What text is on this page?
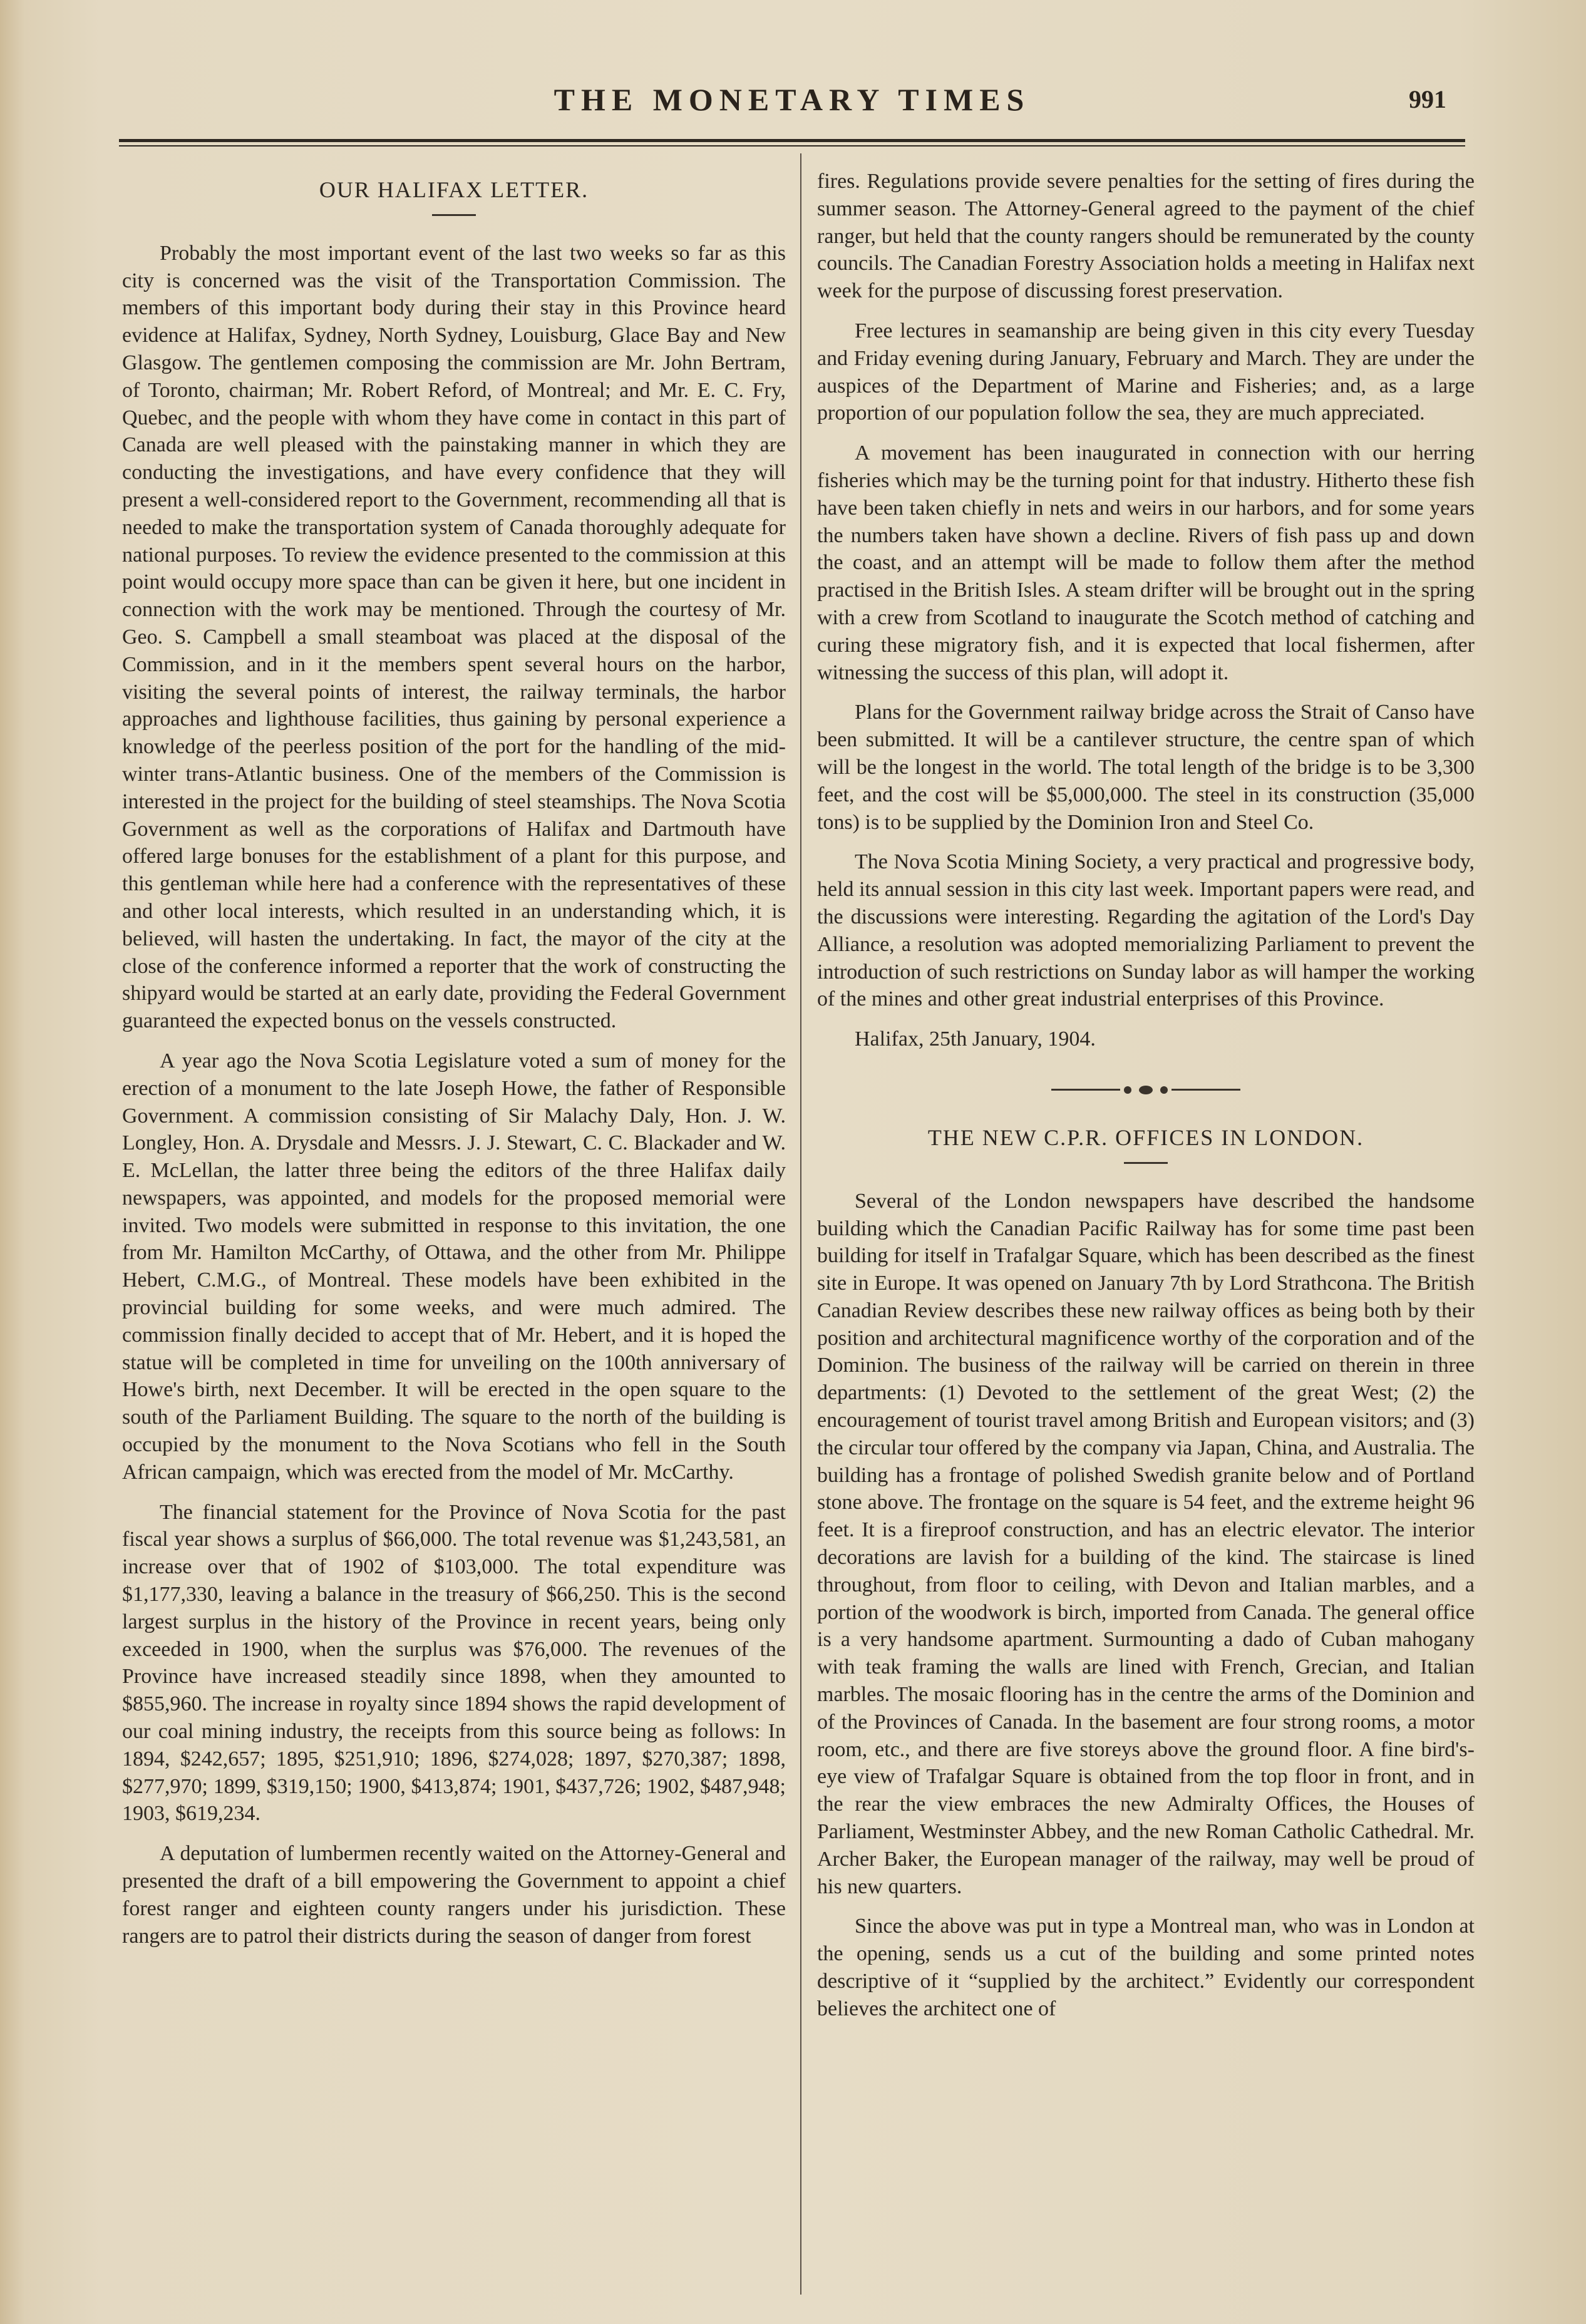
THE MONETARY TIMES	991
OUR HALIFAX LETTER.

Probably the most important event of the last two weeks so far as this city is concerned was the visit of the Transportation Commission. The members of this important body during their stay in this Province heard evidence at Halifax, Sydney, North Sydney, Louisburg, Glace Bay and New Glasgow. The gentlemen composing the commission are Mr. John Bertram, of Toronto, chairman; Mr. Robert Reford, of Montreal; and Mr. E. C. Fry, Quebec, and the people with whom they have come in contact in this part of Canada are well pleased with the painstaking manner in which they are conducting the investigations, and have every confidence that they will present a well-considered report to the Government, recommending all that is needed to make the transportation system of Canada thoroughly adequate for national purposes. To review the evidence presented to the commission at this point would occupy more space than can be given it here, but one incident in connection with the work may be mentioned. Through the courtesy of Mr. Geo. S. Campbell a small steamboat was placed at the disposal of the Commission, and in it the members spent several hours on the harbor, visiting the several points of interest, the railway terminals, the harbor approaches and lighthouse facilities, thus gaining by personal experience a knowledge of the peerless position of the port for the handling of the mid-winter trans-Atlantic business. One of the members of the Commission is interested in the project for the building of steel steamships. The Nova Scotia Government as well as the corporations of Halifax and Dartmouth have offered large bonuses for the establishment of a plant for this purpose, and this gentleman while here had a conference with the representatives of these and other local interests, which resulted in an understanding which, it is believed, will hasten the undertaking. In fact, the mayor of the city at the close of the conference informed a reporter that the work of constructing the shipyard would be started at an early date, providing the Federal Government guaranteed the expected bonus on the vessels constructed.

A year ago the Nova Scotia Legislature voted a sum of money for the erection of a monument to the late Joseph Howe, the father of Responsible Government. A commission consisting of Sir Malachy Daly, Hon. J. W. Longley, Hon. A. Drysdale and Messrs. J. J. Stewart, C. C. Blackader and W. E. McLellan, the latter three being the editors of the three Halifax daily newspapers, was appointed, and models for the proposed memorial were invited. Two models were submitted in response to this invitation, the one from Mr. Hamilton McCarthy, of Ottawa, and the other from Mr. Philippe Hebert, C.M.G., of Montreal. These models have been exhibited in the provincial building for some weeks, and were much admired. The commission finally decided to accept that of Mr. Hebert, and it is hoped the statue will be completed in time for unveiling on the 100th anniversary of Howe's birth, next December. It will be erected in the open square to the south of the Parliament Building. The square to the north of the building is occupied by the monument to the Nova Scotians who fell in the South African campaign, which was erected from the model of Mr. McCarthy.

The financial statement for the Province of Nova Scotia for the past fiscal year shows a surplus of $66,000. The total revenue was $1,243,581, an increase over that of 1902 of $103,000. The total expenditure was $1,177,330, leaving a balance in the treasury of $66,250. This is the second largest surplus in the history of the Province in recent years, being only exceeded in 1900, when the surplus was $76,000. The revenues of the Province have increased steadily since 1898, when they amounted to $855,960. The increase in royalty since 1894 shows the rapid development of our coal mining industry, the receipts from this source being as follows: In 1894, $242,657; 1895, $251,910; 1896, $274,028; 1897, $270,387; 1898, $277,970; 1899, $319,150; 1900, $413,874; 1901, $437,726; 1902, $487,948; 1903, $619,234.

A deputation of lumbermen recently waited on the Attorney-General and presented the draft of a bill empowering the Government to appoint a chief forest ranger and eighteen county rangers under his jurisdiction. These rangers are to patrol their districts during the season of danger from forest

fires. Regulations provide severe penalties for the setting of fires during the summer season. The Attorney-General agreed to the payment of the chief ranger, but held that the county rangers should be remunerated by the county councils. The Canadian Forestry Association holds a meeting in Halifax next week for the purpose of discussing forest preservation.

Free lectures in seamanship are being given in this city every Tuesday and Friday evening during January, February and March. They are under the auspices of the Department of Marine and Fisheries; and, as a large proportion of our population follow the sea, they are much appreciated.

A movement has been inaugurated in connection with our herring fisheries which may be the turning point for that industry. Hitherto these fish have been taken chiefly in nets and weirs in our harbors, and for some years the numbers taken have shown a decline. Rivers of fish pass up and down the coast, and an attempt will be made to follow them after the method practised in the British Isles. A steam drifter will be brought out in the spring with a crew from Scotland to inaugurate the Scotch method of catching and curing these migratory fish, and it is expected that local fishermen, after witnessing the success of this plan, will adopt it.

Plans for the Government railway bridge across the Strait of Canso have been submitted. It will be a cantilever structure, the centre span of which will be the longest in the world. The total length of the bridge is to be 3,300 feet, and the cost will be $5,000,000. The steel in its construction (35,000 tons) is to be supplied by the Dominion Iron and Steel Co.

The Nova Scotia Mining Society, a very practical and progressive body, held its annual session in this city last week. Important papers were read, and the discussions were interesting. Regarding the agitation of the Lord's Day Alliance, a resolution was adopted memorializing Parliament to prevent the introduction of such restrictions on Sunday labor as will hamper the working of the mines and other great industrial enterprises of this Province.

Halifax, 25th January, 1904.

THE NEW C.P.R. OFFICES IN LONDON.

Several of the London newspapers have described the handsome building which the Canadian Pacific Railway has for some time past been building for itself in Trafalgar Square, which has been described as the finest site in Europe. It was opened on January 7th by Lord Strathcona. The British Canadian Review describes these new railway offices as being both by their position and architectural magnificence worthy of the corporation and of the Dominion. The business of the railway will be carried on therein in three departments: (1) Devoted to the settlement of the great West; (2) the encouragement of tourist travel among British and European visitors; and (3) the circular tour offered by the company via Japan, China, and Australia. The building has a frontage of polished Swedish granite below and of Portland stone above. The frontage on the square is 54 feet, and the extreme height 96 feet. It is a fireproof construction, and has an electric elevator. The interior decorations are lavish for a building of the kind. The staircase is lined throughout, from floor to ceiling, with Devon and Italian marbles, and a portion of the woodwork is birch, imported from Canada. The general office is a very handsome apartment. Surmounting a dado of Cuban mahogany with teak framing the walls are lined with French, Grecian, and Italian marbles. The mosaic flooring has in the centre the arms of the Dominion and of the Provinces of Canada. In the basement are four strong rooms, a motor room, etc., and there are five storeys above the ground floor. A fine bird's-eye view of Trafalgar Square is obtained from the top floor in front, and in the rear the view embraces the new Admiralty Offices, the Houses of Parliament, Westminster Abbey, and the new Roman Catholic Cathedral. Mr. Archer Baker, the European manager of the railway, may well be proud of his new quarters.

Since the above was put in type a Montreal man, who was in London at the opening, sends us a cut of the building and some printed notes descriptive of it “supplied by the architect.” Evidently our correspondent believes the architect one of
